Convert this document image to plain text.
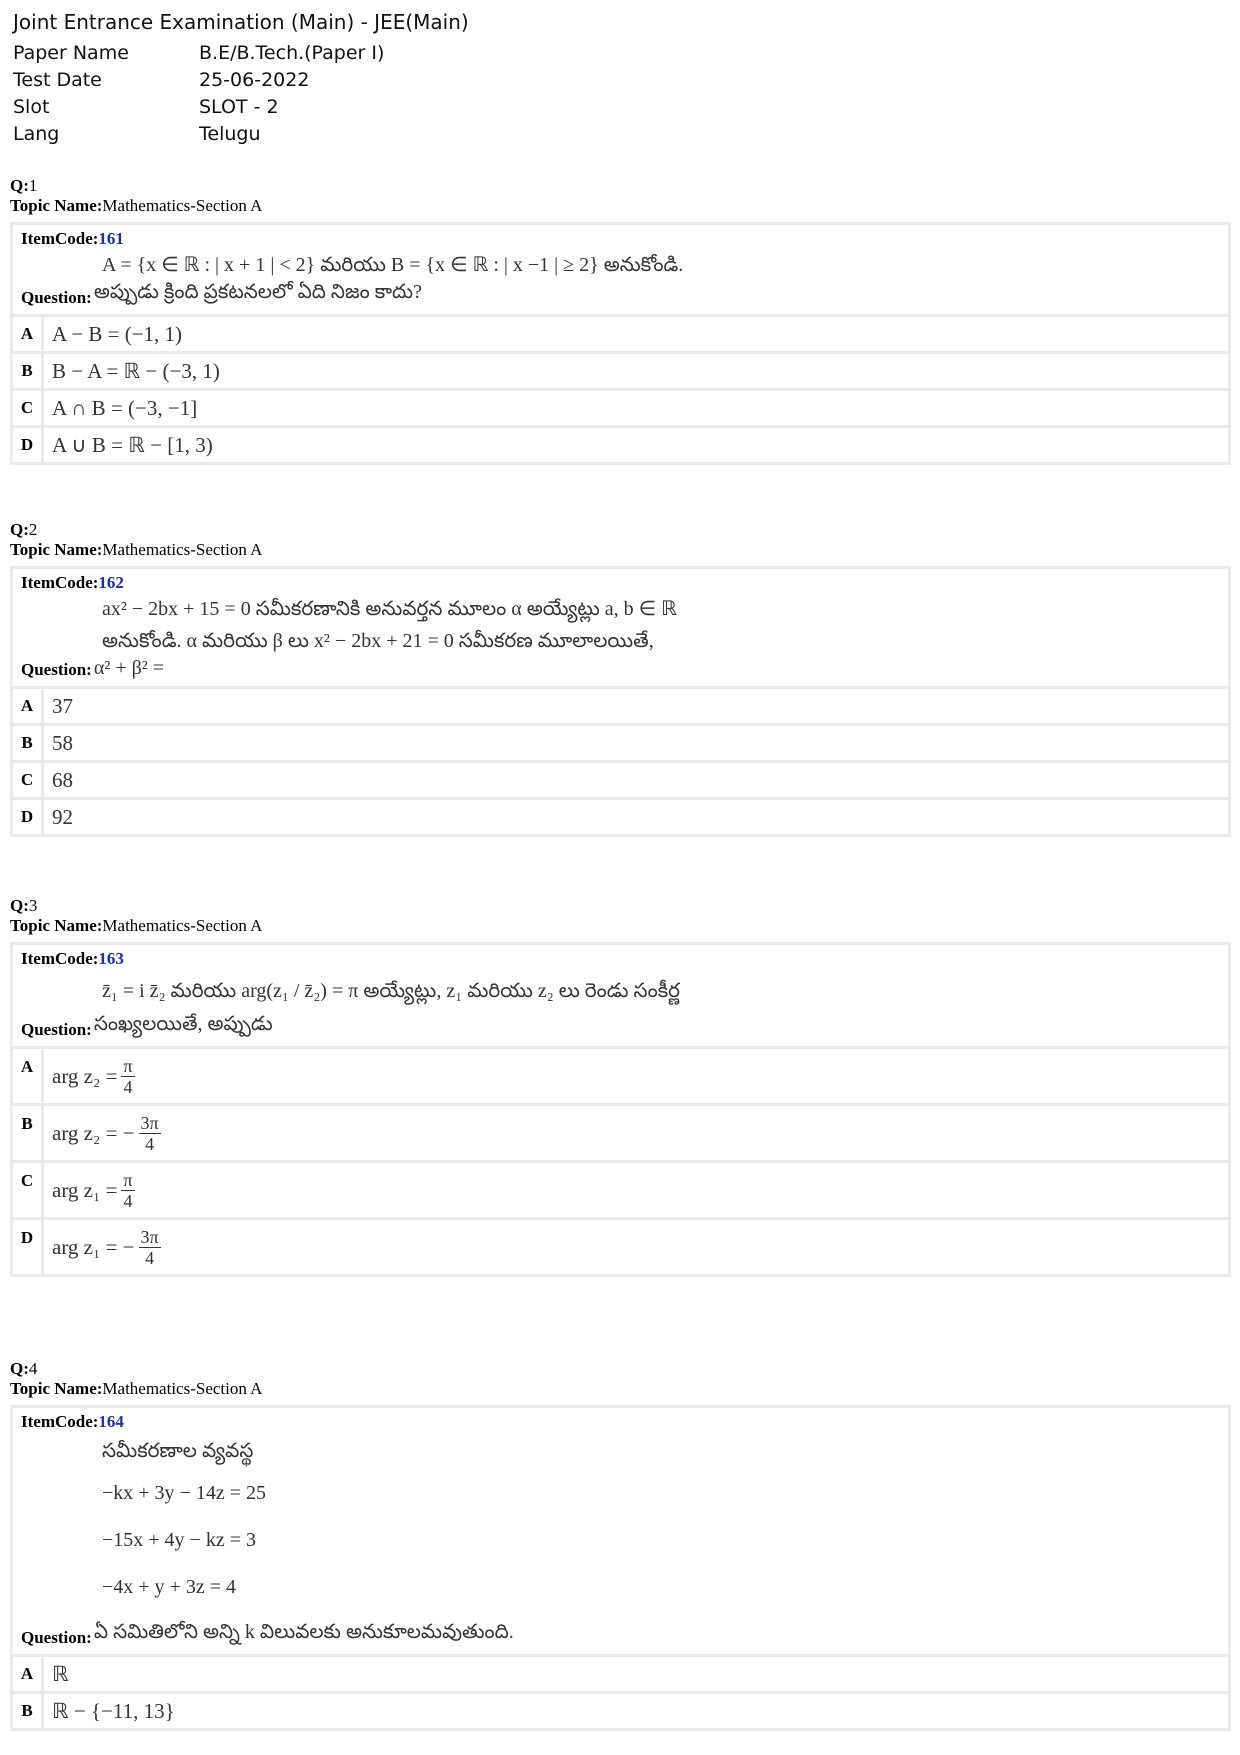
Joint Entrance Examination (Main) - JEE(Main)
Paper Name	B.E/B.Tech.(Paper I)
Test Date	25-06-2022
Slot	SLOT - 2
Lang	Telugu
Q:1
Topic Name:Mathematics-Section A
ItemCode:161
A = {x ∈ ℝ : | x + 1 | < 2} మరియు B = {x ∈ ℝ : | x −1 | ≥ 2} అనుకోండి.
Question: అప్పుడు క్రింది ప్రకటనలలో ఏది నిజం కాదు?
A A − B = (−1, 1)
B B − A = ℝ − (−3, 1)
C A ∩ B = (−3, −1]
D A ∪ B = ℝ − [1, 3)
Q:2
Topic Name:Mathematics-Section A
ItemCode:162
ax² − 2bx + 15 = 0 సమీకరణానికి అనువర్తన మూలం α అయ్యేట్లు a, b ∈ ℝ
అనుకోండి. α మరియు β లు x² − 2bx + 21 = 0 సమీకరణ మూలాలయితే,
Question: α² + β² =
A 37
B 58
C 68
D 92
Q:3
Topic Name:Mathematics-Section A
ItemCode:163
z̄₁ = i z̄₂ మరియు arg(z₁ / z̄₂) = π అయ్యేట్లు, z₁ మరియు z₂ లు రెండు సంకీర్ణ
Question: సంఖ్యలయితే, అప్పుడు
A arg $z_2 = \frac{\pi}{4}$
B arg z₂ = − $\frac{3\pi}{4}$
C arg $z_1 = \frac{\pi}{4}$
D arg z₁ = − $\frac{3\pi}{4}$
Q:4
Topic Name:Mathematics-Section A
ItemCode:164
సమీకరణాల వ్యవస్థ
−kx + 3y − 14z = 25
−15x + 4y − kz = 3
−4x + y + 3z = 4
Question: ఏ సమితిలోని అన్ని k విలువలకు అనుకూలమవుతుంది.
A ℝ
B ℝ − {−11, 13}
